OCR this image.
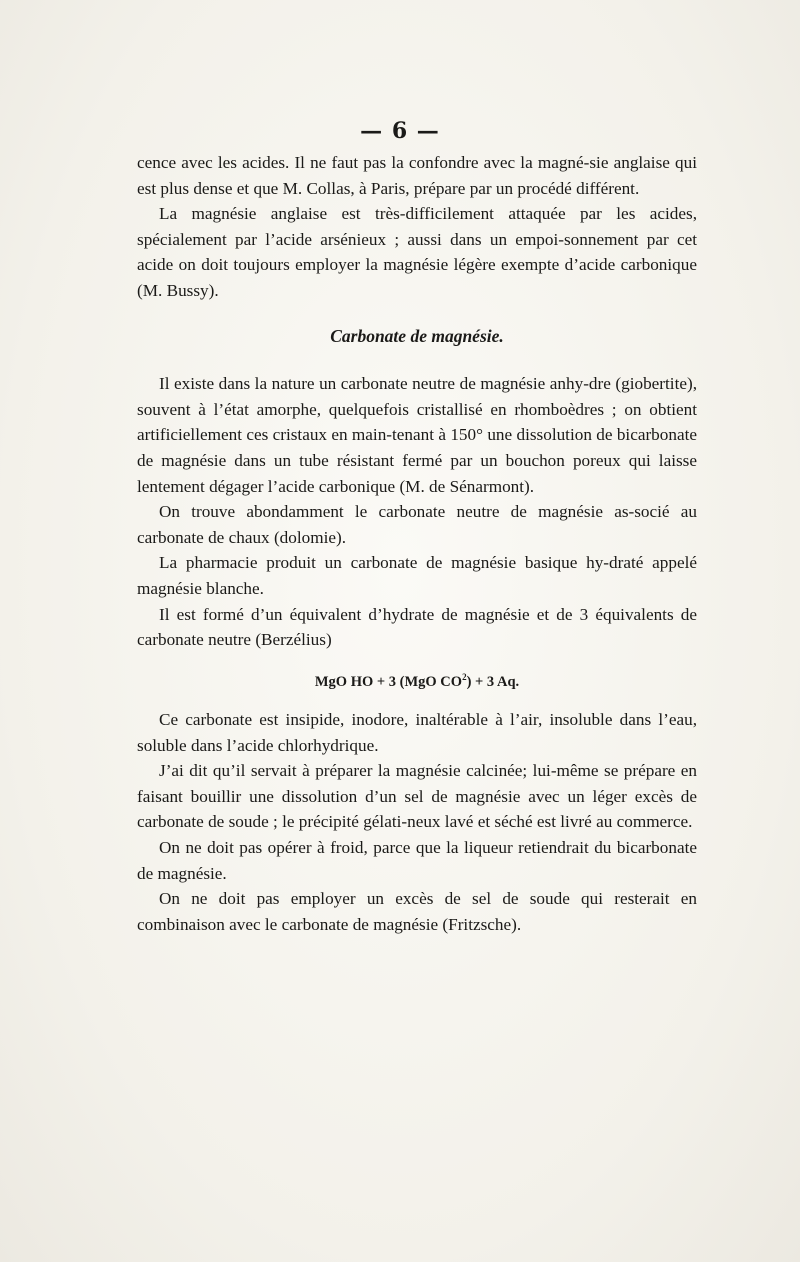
— 6 —

cence avec les acides. Il ne faut pas la confondre avec la magné-sie anglaise qui est plus dense et que M. Collas, à Paris, prépare par un procédé différent.

La magnésie anglaise est très-difficilement attaquée par les acides, spécialement par l’acide arsénieux ; aussi dans un empoi-sonnement par cet acide on doit toujours employer la magnésie légère exempte d’acide carbonique (M. Bussy).

Carbonate de magnésie.

Il existe dans la nature un carbonate neutre de magnésie anhy-dre (giobertite), souvent à l’état amorphe, quelquefois cristallisé en rhomboèdres ; on obtient artificiellement ces cristaux en main-tenant à 150° une dissolution de bicarbonate de magnésie dans un tube résistant fermé par un bouchon poreux qui laisse lentement dégager l’acide carbonique (M. de Sénarmont).

On trouve abondamment le carbonate neutre de magnésie as-socié au carbonate de chaux (dolomie).

La pharmacie produit un carbonate de magnésie basique hy-draté appelé magnésie blanche.

Il est formé d’un équivalent d’hydrate de magnésie et de 3 équivalents de carbonate neutre (Berzélius)

MgO HO + 3 (MgO $CO^2) + 3$ Aq.

Ce carbonate est insipide, inodore, inaltérable à l’air, insoluble dans l’eau, soluble dans l’acide chlorhydrique.

J’ai dit qu’il servait à préparer la magnésie calcinée; lui-même se prépare en faisant bouillir une dissolution d’un sel de magnésie avec un léger excès de carbonate de soude ; le précipité gélati-neux lavé et séché est livré au commerce.

On ne doit pas opérer à froid, parce que la liqueur retiendrait du bicarbonate de magnésie.

On ne doit pas employer un excès de sel de soude qui resterait en combinaison avec le carbonate de magnésie (Fritzsche).
